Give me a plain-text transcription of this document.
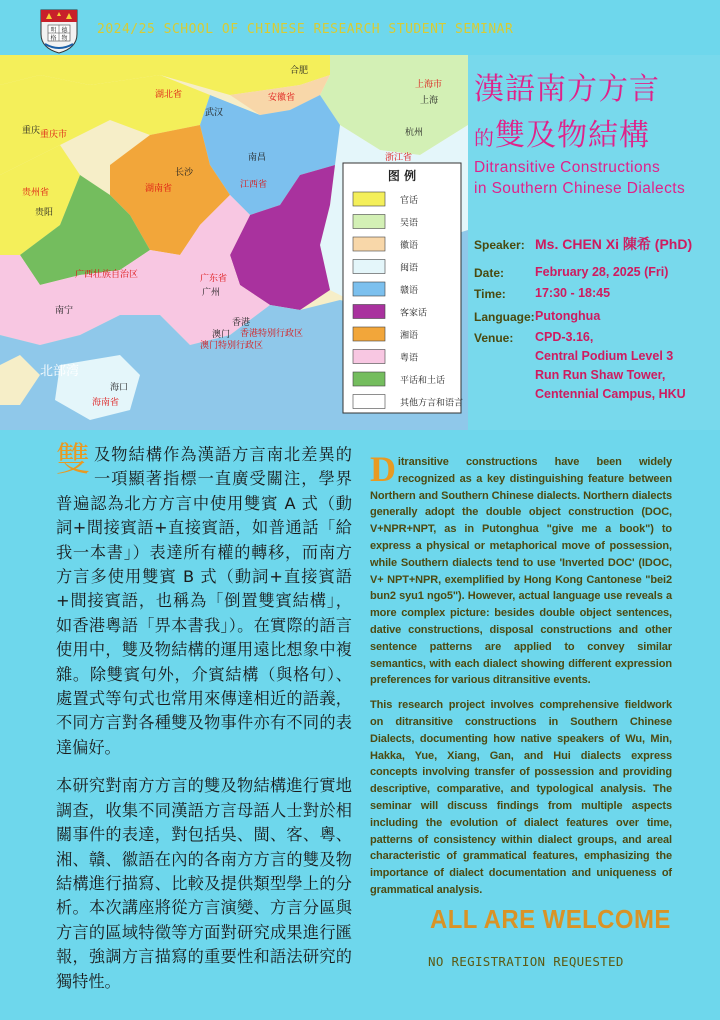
明 德
格 物
2024/25 SCHOOL OF CHINESE RESEARCH STUDENT SEMINAR
合肥
上海市
上海
杭州
浙江省
湖北省	安徽省
武汉
重庆 重庆市
长沙
南昌
湖南省	江西省
贵州省
贵阳
广西壮族自治区	广东省
广州
南宁
香港
香港特别行政区
澳门
澳门特别行政区
海口
海南省
北部湾
图 例
官话
吴语
徽语
闽语
赣语
客家话
湘语
粤语
平话和土话
其他方言和语言
漢語南方方言
的雙及物結構
Ditransitive Constructions
in Southern Chinese Dialects
Speaker: Ms. CHEN Xi 陳希 (PhD)
Date: February 28, 2025 (Fri)
Time: 17:30 - 18:45
Language: Putonghua
Venue: CPD-3.16,
Central Podium Level 3
Run Run Shaw Tower,
Centennial Campus, HKU

雙及物結構作為漢語方言南北差異的一項顯著指標一直廣受關注，學界普遍認為北方方言中使用雙賓 A 式（動詞+間接賓語+直接賓語，如普通話「給我一本書」）表達所有權的轉移，而南方方言多使用雙賓 B 式（動詞+直接賓語+間接賓語，也稱為「倒置雙賓結構」，如香港粵語「畀本書我」）。在實際的語言使用中，雙及物結構的運用遠比想象中複雜。除雙賓句外，介賓結構（與格句）、處置式等句式也常用來傳達相近的語義，不同方言對各種雙及物事件亦有不同的表達偏好。

本研究對南方方言的雙及物結構進行實地調查，收集不同漢語方言母語人士對於相關事件的表達，對包括吳、閩、客、粵、湘、贛、徽語在內的各南方方言的雙及物結構進行描寫、比較及提供類型學上的分析。本次講座將從方言演變、方言分區與方言的區域特徵等方面對研究成果進行匯報，強調方言描寫的重要性和語法研究的獨特性。

Ditransitive constructions have been widely recognized as a key distinguishing feature between Northern and Southern Chinese dialects. Northern dialects generally adopt the double object construction (DOC, V+NPR+NPT, as in Putonghua "give me a book") to express a physical or metaphorical move of possession, while Southern dialects tend to use 'Inverted DOC' (IDOC, V+ NPT+NPR, exemplified by Hong Kong Cantonese "bei2 bun2 syu1 ngo5"). However, actual language use reveals a more complex picture: besides double object sentences, dative constructions, disposal constructions and other sentence patterns are applied to convey similar semantics, with each dialect showing different expression preferences for various ditransitive events.

This research project involves comprehensive fieldwork on ditransitive constructions in Southern Chinese Dialects, documenting how native speakers of Wu, Min, Hakka, Yue, Xiang, Gan, and Hui dialects express concepts involving transfer of possession and providing descriptive, comparative, and typological analysis. The seminar will discuss findings from multiple aspects including the evolution of dialect features over time, patterns of consistency within dialect groups, and areal characteristic of grammatical features, emphasizing the importance of dialect documentation and uniqueness of grammatical analysis.

ALL ARE WELCOME
NO REGISTRATION REQUESTED
